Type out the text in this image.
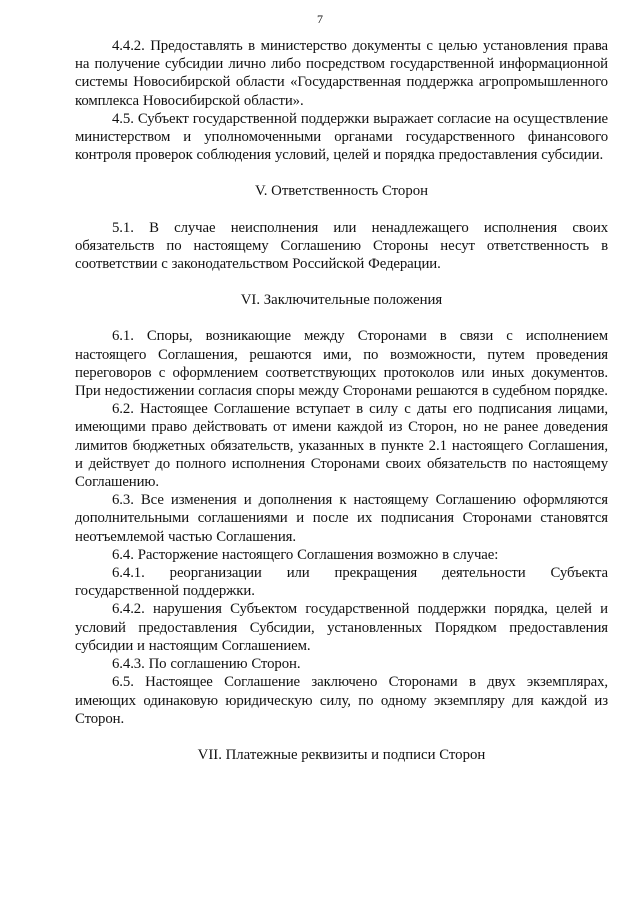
7

4.4.2. Предоставлять в министерство документы с целью установления права на получение субсидии лично либо посредством государственной информационной системы Новосибирской области «Государственная поддержка агропромышленного комплекса Новосибирской области».

4.5. Субъект государственной поддержки выражает согласие на осуществление министерством и уполномоченными органами государственного финансового контроля проверок соблюдения условий, целей и порядка предоставления субсидии.

V. Ответственность Сторон

5.1. В случае неисполнения или ненадлежащего исполнения своих обязательств по настоящему Соглашению Стороны несут ответственность в соответствии с законодательством Российской Федерации.

VI. Заключительные положения

6.1. Споры, возникающие между Сторонами в связи с исполнением настоящего Соглашения, решаются ими, по возможности, путем проведения переговоров с оформлением соответствующих протоколов или иных документов. При недостижении согласия споры между Сторонами решаются в судебном порядке.

6.2. Настоящее Соглашение вступает в силу с даты его подписания лицами, имеющими право действовать от имени каждой из Сторон, но не ранее доведения лимитов бюджетных обязательств, указанных в пункте 2.1 настоящего Соглашения, и действует до полного исполнения Сторонами своих обязательств по настоящему Соглашению.

6.3. Все изменения и дополнения к настоящему Соглашению оформляются дополнительными соглашениями и после их подписания Сторонами становятся неотъемлемой частью Соглашения.

6.4. Расторжение настоящего Соглашения возможно в случае:

6.4.1. реорганизации или прекращения деятельности Субъекта государственной поддержки.

6.4.2. нарушения Субъектом государственной поддержки порядка, целей и условий предоставления Субсидии, установленных Порядком предоставления субсидии и настоящим Соглашением.

6.4.3. По соглашению Сторон.

6.5. Настоящее Соглашение заключено Сторонами в двух экземплярах, имеющих одинаковую юридическую силу, по одному экземпляру для каждой из Сторон.

VII. Платежные реквизиты и подписи Сторон
